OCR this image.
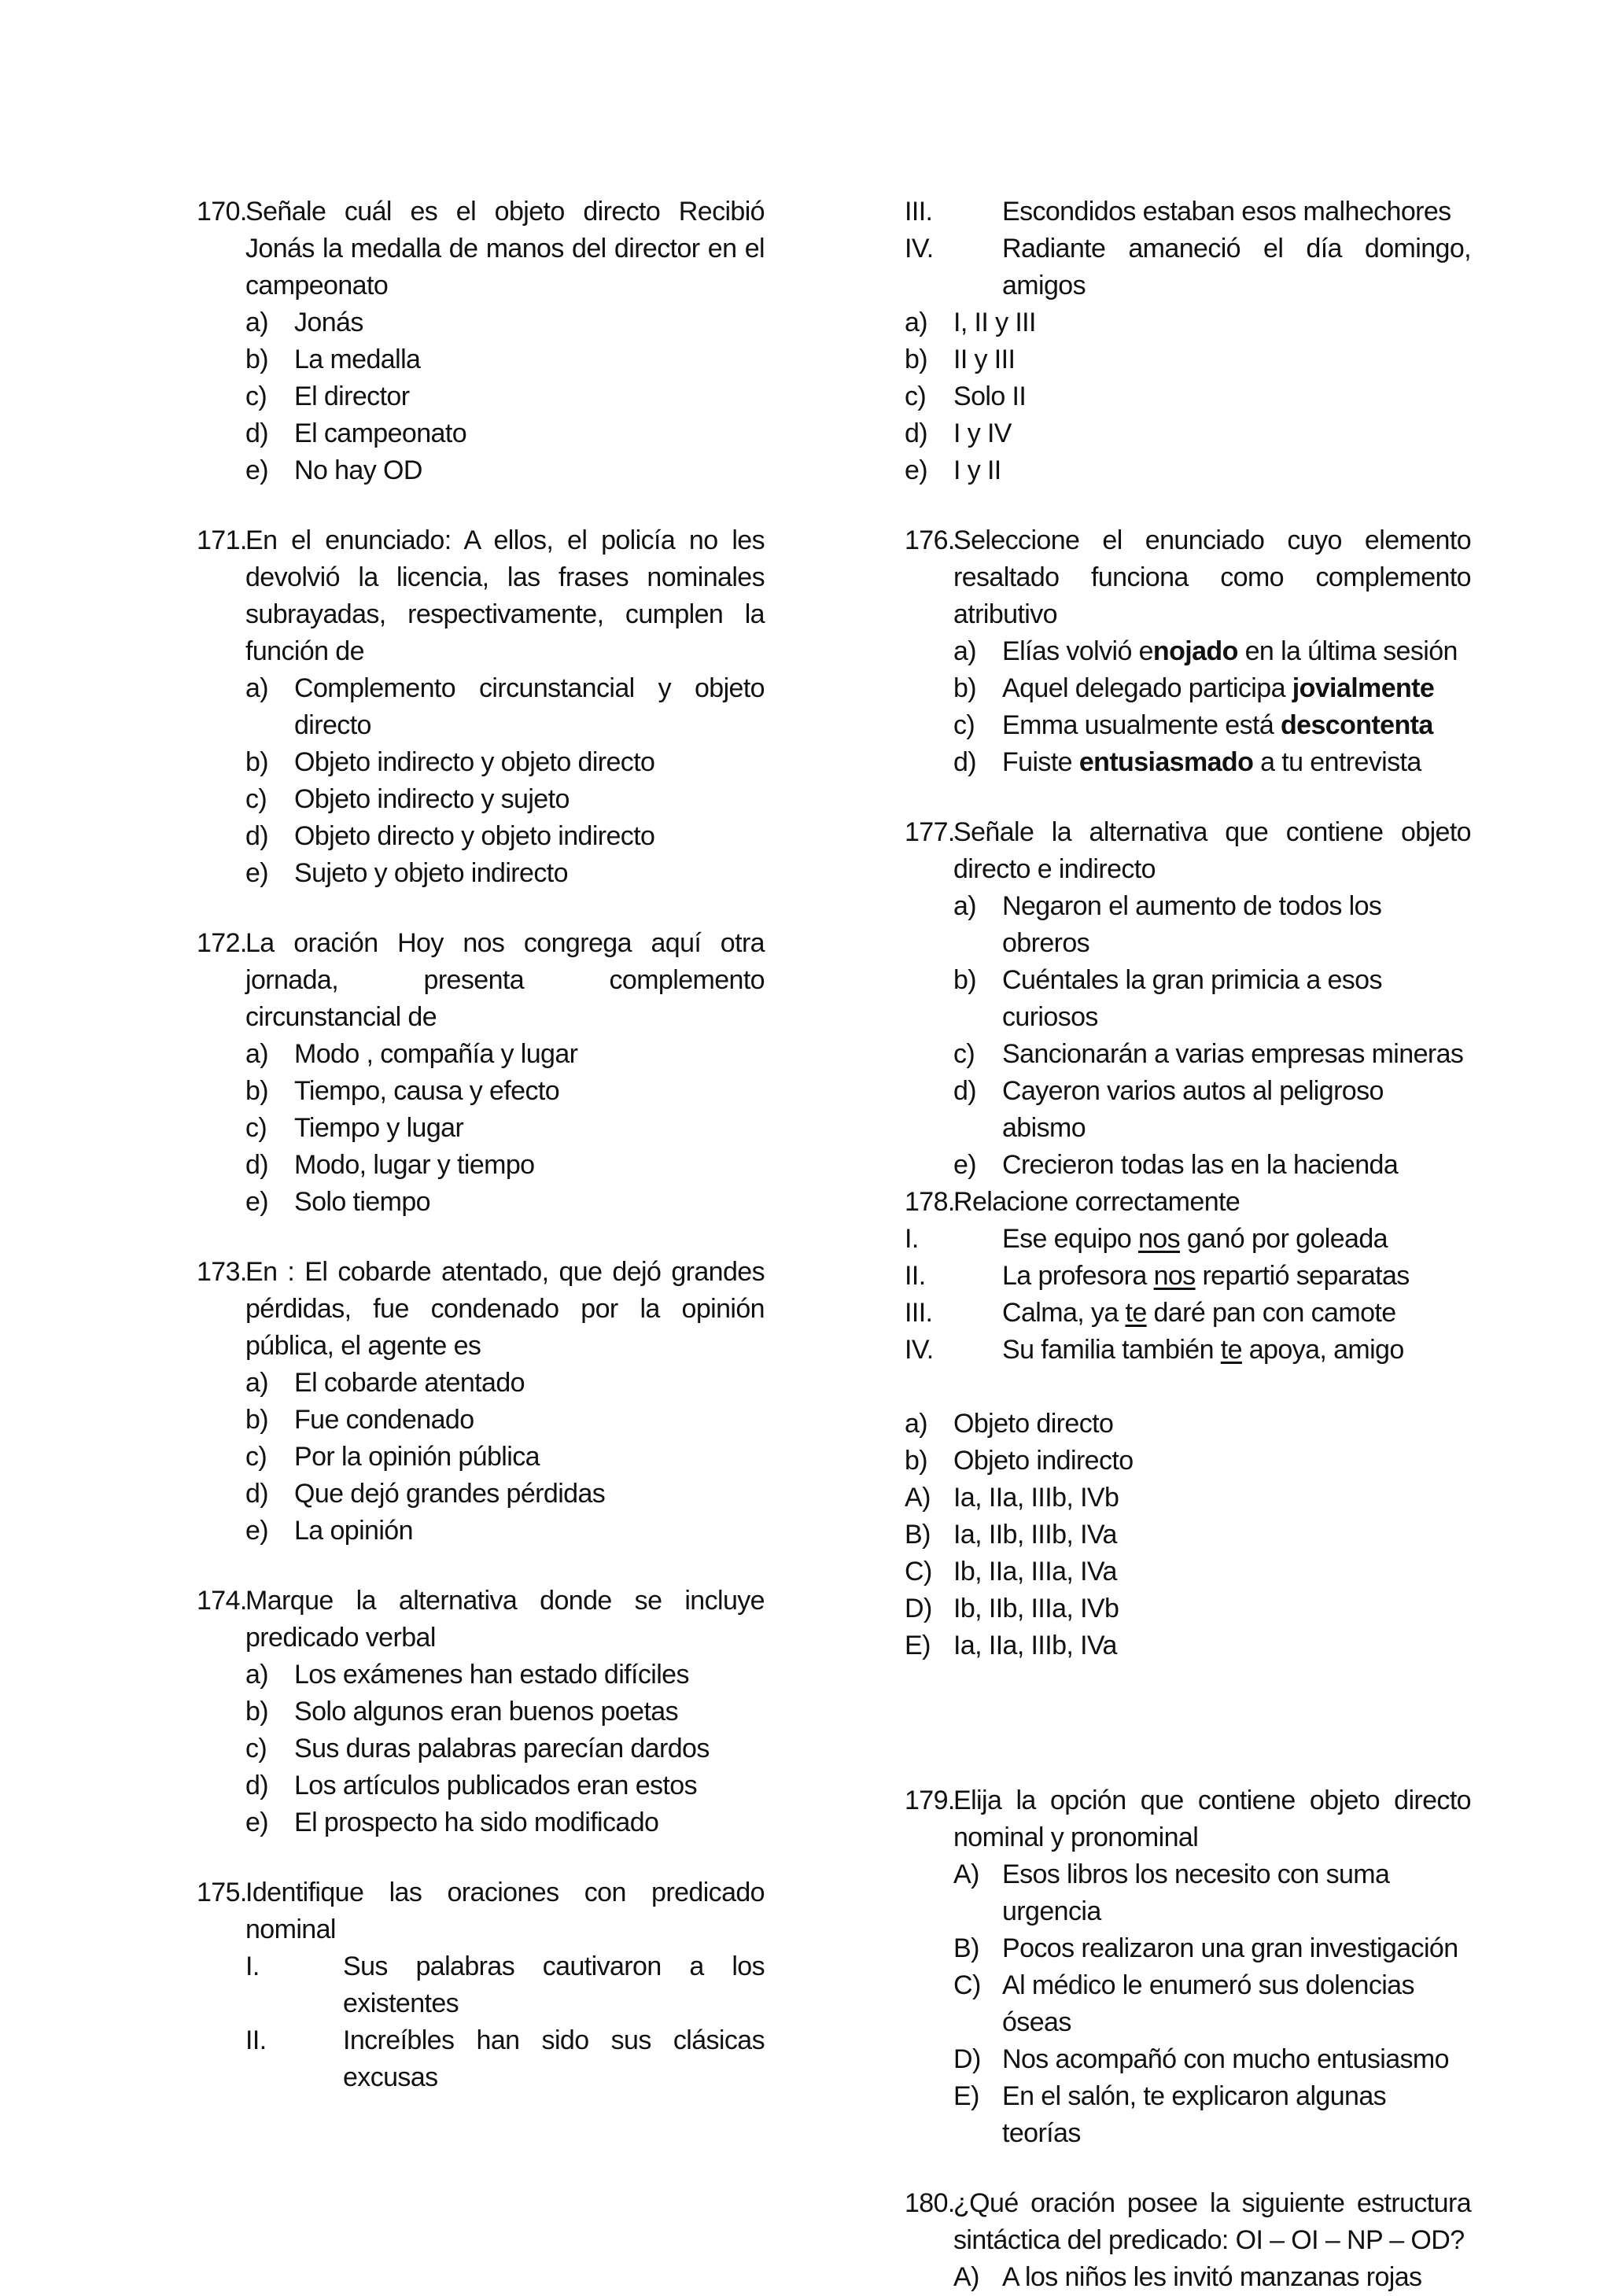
170.
Señale cuál es el objeto directo Recibió Jonás la medalla de manos del director en el campeonato
a) Jonás
b) La medalla
c)	El director
d) El campeonato
e) No hay OD
171.
En el enunciado: A ellos, el policía no les devolvió la licencia, las frases nominales subrayadas, respectivamente, cumplen la función de
a) Complemento circunstancial y objeto directo
b) Objeto indirecto y objeto directo
c)	Objeto indirecto y sujeto
d) Objeto directo y objeto indirecto
e) Sujeto y objeto indirecto
172.
La oración Hoy nos congrega aquí otra jornada, presenta complemento circunstancial de
a) Modo , compañía y lugar
b) Tiempo, causa y efecto
c)	Tiempo y lugar
d) Modo, lugar y tiempo
e) Solo tiempo
173.
En : El cobarde atentado, que dejó grandes pérdidas, fue condenado por la opinión pública, el agente es
a) El cobarde atentado
b) Fue condenado
c)	Por la opinión pública
d) Que dejó grandes pérdidas
e) La opinión
174.
Marque la alternativa donde se incluye predicado verbal
a) Los exámenes han estado difíciles
b) Solo algunos eran buenos poetas
c)	Sus duras palabras parecían dardos
d) Los artículos publicados eran estos
e) El prospecto ha sido modificado
175.
Identifique las oraciones con predicado nominal
I.	Sus palabras cautivaron a los existentes
II.	Increíbles han sido sus clásicas excusas
III.	Escondidos estaban esos malhechores
IV.	Radiante amaneció el día domingo, amigos
a) I, II y III
b) II y III
c)	Solo II
d) I y IV
e) I y II
176.
Seleccione el enunciado cuyo elemento resaltado funciona como complemento atributivo
a) Elías volvió enojado en la última sesión
b) Aquel delegado participa jovialmente
c)	Emma usualmente está descontenta
d) Fuiste entusiasmado a tu entrevista
177.
Señale la alternativa que contiene objeto directo e indirecto
a) Negaron el aumento de todos los obreros
b) Cuéntales la gran primicia a esos curiosos
c)	Sancionarán a varias empresas mineras
d) Cayeron varios autos al peligroso abismo
e) Crecieron todas las en la hacienda
178.
Relacione correctamente
I.	Ese equipo nos ganó por goleada
II.	La profesora nos repartió separatas
III.	Calma, ya te daré pan con camote
IV.	Su familia también te apoya, amigo
a) Objeto directo
b) Objeto indirecto
A) Ia, IIa, IIIb, IVb
B) Ia, IIb, IIIb, IVa
C) Ib, IIa, IIIa, IVa
D) Ib, IIb, IIIa, IVb
E) Ia, IIa, IIIb, IVa
179.
Elija la opción que contiene objeto directo nominal y pronominal
A) Esos libros los necesito con suma urgencia
B) Pocos realizaron una gran investigación
C) Al médico le enumeró sus dolencias óseas
D) Nos acompañó con mucho entusiasmo
E) En el salón, te explicaron algunas teorías
180.
¿Qué oración posee la siguiente estructura sintáctica del predicado: OI – OI – NP – OD?
A) A los niños les invitó manzanas rojas
